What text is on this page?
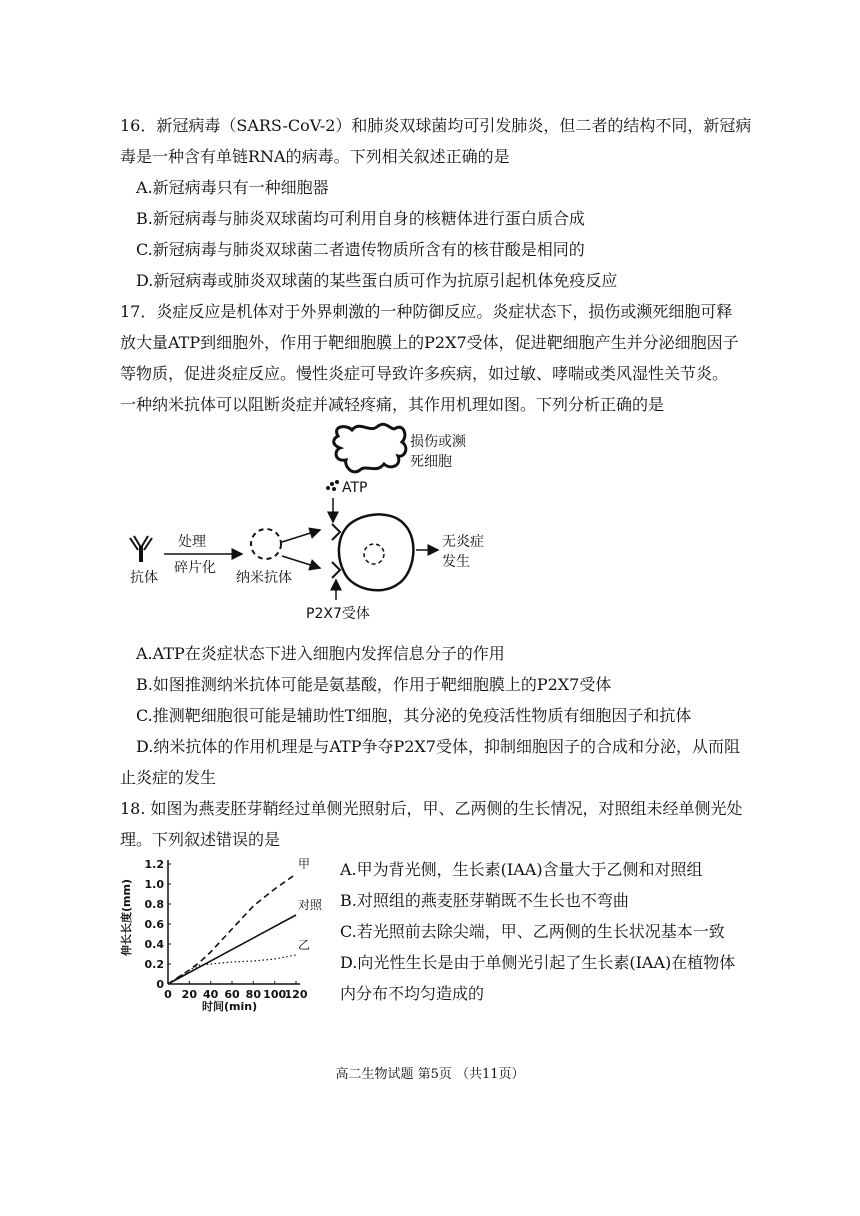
16．新冠病毒（SARS-CoV-2）和肺炎双球菌均可引发肺炎，但二者的结构不同，新冠病
毒是一种含有单链RNA的病毒。下列相关叙述正确的是
A.新冠病毒只有一种细胞器
B.新冠病毒与肺炎双球菌均可利用自身的核糖体进行蛋白质合成
C.新冠病毒与肺炎双球菌二者遗传物质所含有的核苷酸是相同的
D.新冠病毒或肺炎双球菌的某些蛋白质可作为抗原引起机体免疫反应
17．炎症反应是机体对于外界刺激的一种防御反应。炎症状态下，损伤或濒死细胞可释
放大量ATP到细胞外，作用于靶细胞膜上的P2X7受体，促进靶细胞产生并分泌细胞因子
等物质，促进炎症反应。慢性炎症可导致许多疾病，如过敏、哮喘或类风湿性关节炎。
一种纳米抗体可以阻断炎症并减轻疼痛，其作用机理如图。下列分析正确的是
损伤或濒
死细胞
ATP
抗体
处理
碎片化
纳米抗体
P2X7受体
无炎症
发生
A.ATP在炎症状态下进入细胞内发挥信息分子的作用
B.如图推测纳米抗体可能是氨基酸，作用于靶细胞膜上的P2X7受体
C.推测靶细胞很可能是辅助性T细胞，其分泌的免疫活性物质有细胞因子和抗体
D.纳米抗体的作用机理是与ATP争夺P2X7受体，抑制细胞因子的合成和分泌，从而阻
止炎症的发生
18. 如图为燕麦胚芽鞘经过单侧光照射后，甲、乙两侧的生长情况，对照组未经单侧光处
理。下列叙述错误的是
伸长长度(mm)
时间(min)
0 20 40 60 80 100
120
0
0.2
0.4
0.6
0.8
1.0
1.2	甲
对照
乙
A.甲为背光侧，生长素(IAA)含量大于乙侧和对照组
B.对照组的燕麦胚芽鞘既不生长也不弯曲
C.若光照前去除尖端，甲、乙两侧的生长状况基本一致
D.向光性生长是由于单侧光引起了生长素(IAA)在植物体
内分布不均匀造成的
高二生物试题 第5页 （共11页）
